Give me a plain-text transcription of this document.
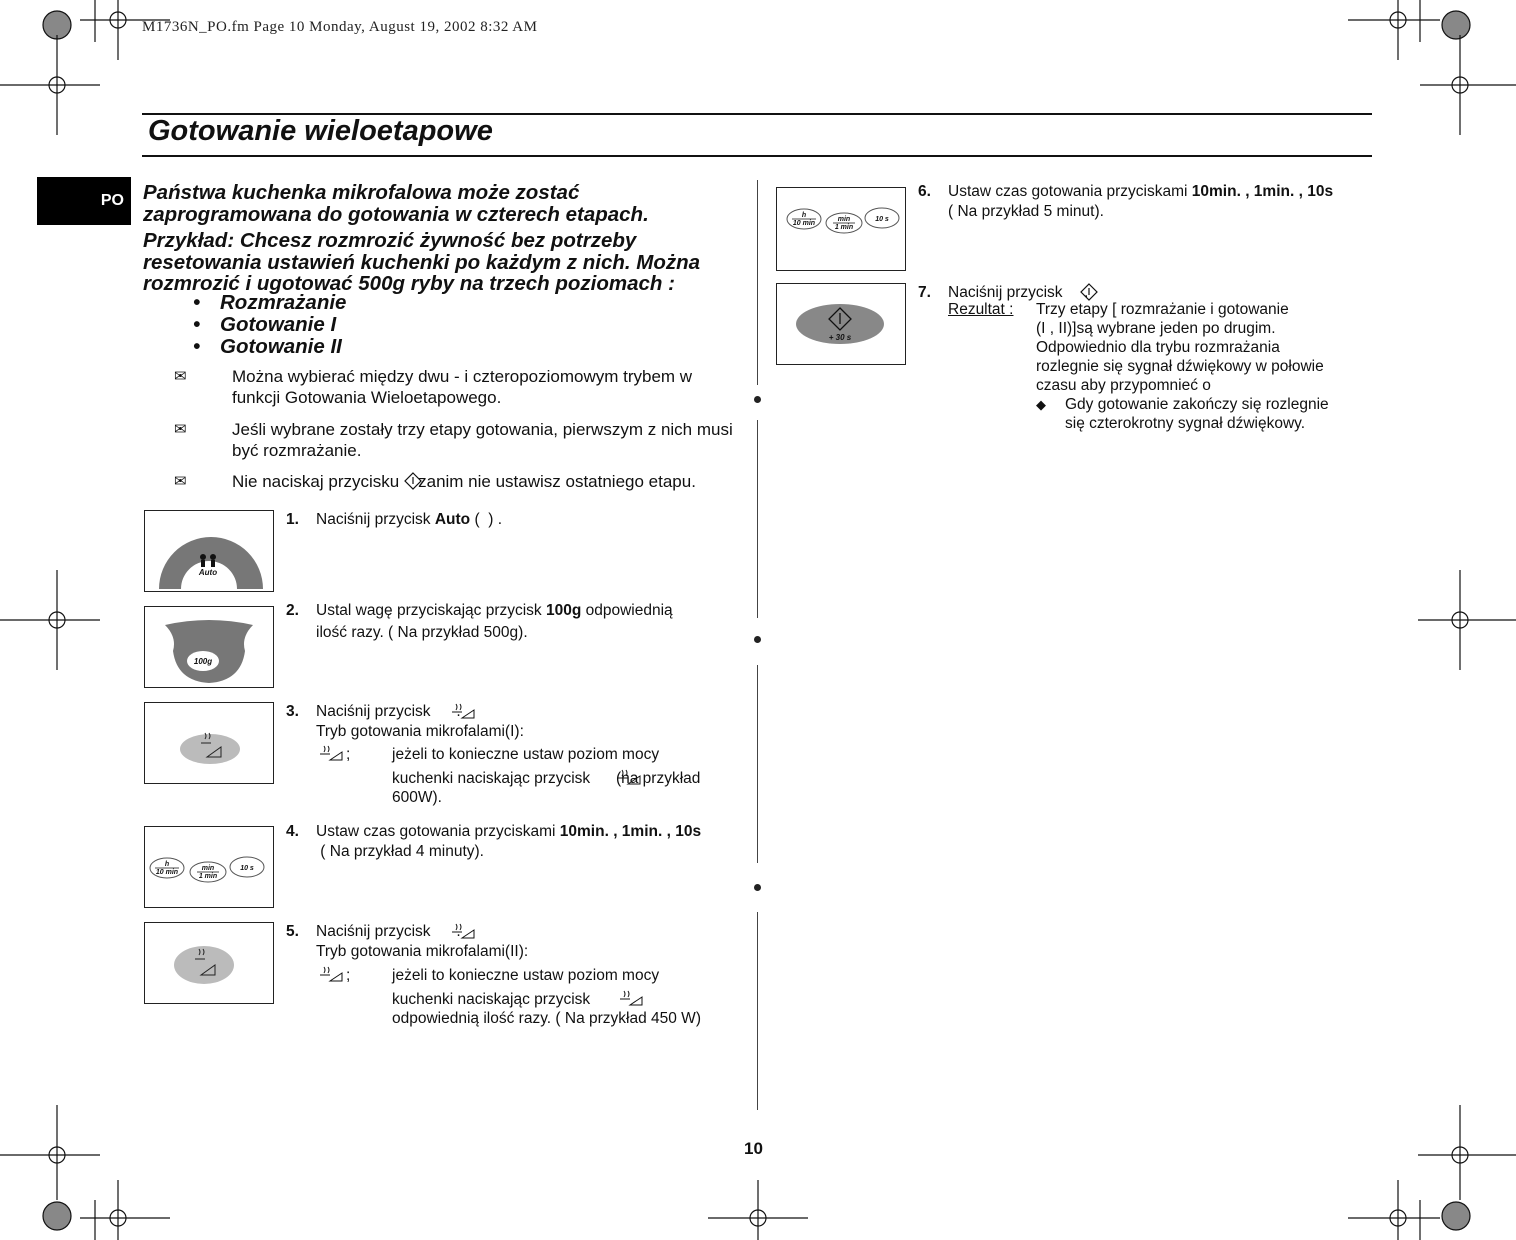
M1736N_PO.fm Page 10 Monday, August 19, 2002 8:32 AM
Gotowanie wieloetapowe
PO Państwa kuchenka mikrofalowa może zostać zaprogramowana do gotowania w czterech etapach.

Przykład: Chcesz rozmrozić żywność bez potrzeby resetowania ustawień kuchenki po każdym z nich. Można rozmrozić i ugotować 500g ryby na trzech poziomach :

• Rozmrażanie
• Gotowanie I
• Gotowanie II
✉	Można wybierać między dwu - i czteropoziomowym trybem w funkcji Gotowania Wieloetapowego.
✉	Jeśli wybrane zostały trzy etapy gotowania, pierwszym z nich musi być rozmrażanie.
✉	Nie naciskaj przycisku    zanim nie ustawisz ostatniego etapu.
Auto
1. Naciśnij przycisk Auto (  ) .
100g
2. Ustal wagę przyciskając przycisk 100g odpowiednią
ilość razy. ( Na przykład 500g).
3. Naciśnij przycisk      .
Tryb gotowania mikrofalami(I):
;	jeżeli to konieczne ustaw poziom mocy
kuchenki naciskając przycisk      (na przykład
600W).
h
10 min
min
1 min
10 s
4. Ustaw czas gotowania przyciskami 10min. , 1min. , 10s
( Na przykład 4 minuty).
5. Naciśnij przycisk      .
Tryb gotowania mikrofalami(II):
;	jeżeli to konieczne ustaw poziom mocy
kuchenki naciskając przycisk
odpowiednią ilość razy. ( Na przykład 450 W)
h
10 min
min
1 min
10 s
6. Ustaw czas gotowania przyciskami 10min. , 1min. , 10s
( Na przykład 5 minut).
+ 30 s
7. Naciśnij przycisk     .
Rezultat : Trzy etapy [ rozmrażanie i gotowanie
(I , II)]są wybrane jeden po drugim.
Odpowiednio dla trybu rozmrażania
rozlegnie się sygnał dźwiękowy w połowie
czasu aby przypomnieć o
◆ Gdy gotowanie zakończy się rozlegnie
się czterokrotny sygnał dźwiękowy.
10
